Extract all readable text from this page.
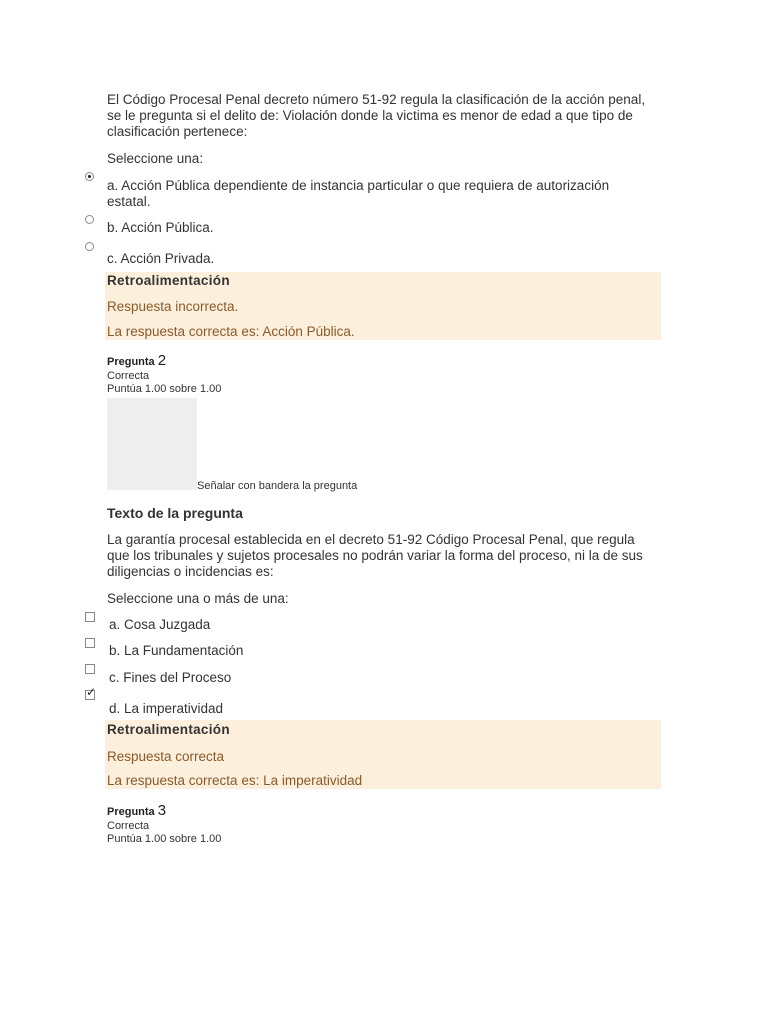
El Código Procesal Penal decreto número 51-92 regula la clasificación de la acción penal,
se le pregunta si el delito de: Violación donde la victima es menor de edad a que tipo de
clasificación pertenece:
Seleccione una:
a. Acción Pública dependiente de instancia particular o que requiera de autorización
estatal.
b. Acción Pública.
c. Acción Privada.
Retroalimentación
Respuesta incorrecta.
La respuesta correcta es: Acción Pública.
Pregunta 2
Correcta
Puntúa 1.00 sobre 1.00
Señalar con bandera la pregunta
Texto de la pregunta
La garantía procesal establecida en el decreto 51-92 Código Procesal Penal, que regula
que los tribunales y sujetos procesales no podrán variar la forma del proceso, ni la de sus
diligencias o incidencias es:
Seleccione una o más de una:
a. Cosa Juzgada
b. La Fundamentación
c. Fines del Proceso
✓
d. La imperatividad
Retroalimentación
Respuesta correcta
La respuesta correcta es: La imperatividad
Pregunta 3
Correcta
Puntúa 1.00 sobre 1.00
